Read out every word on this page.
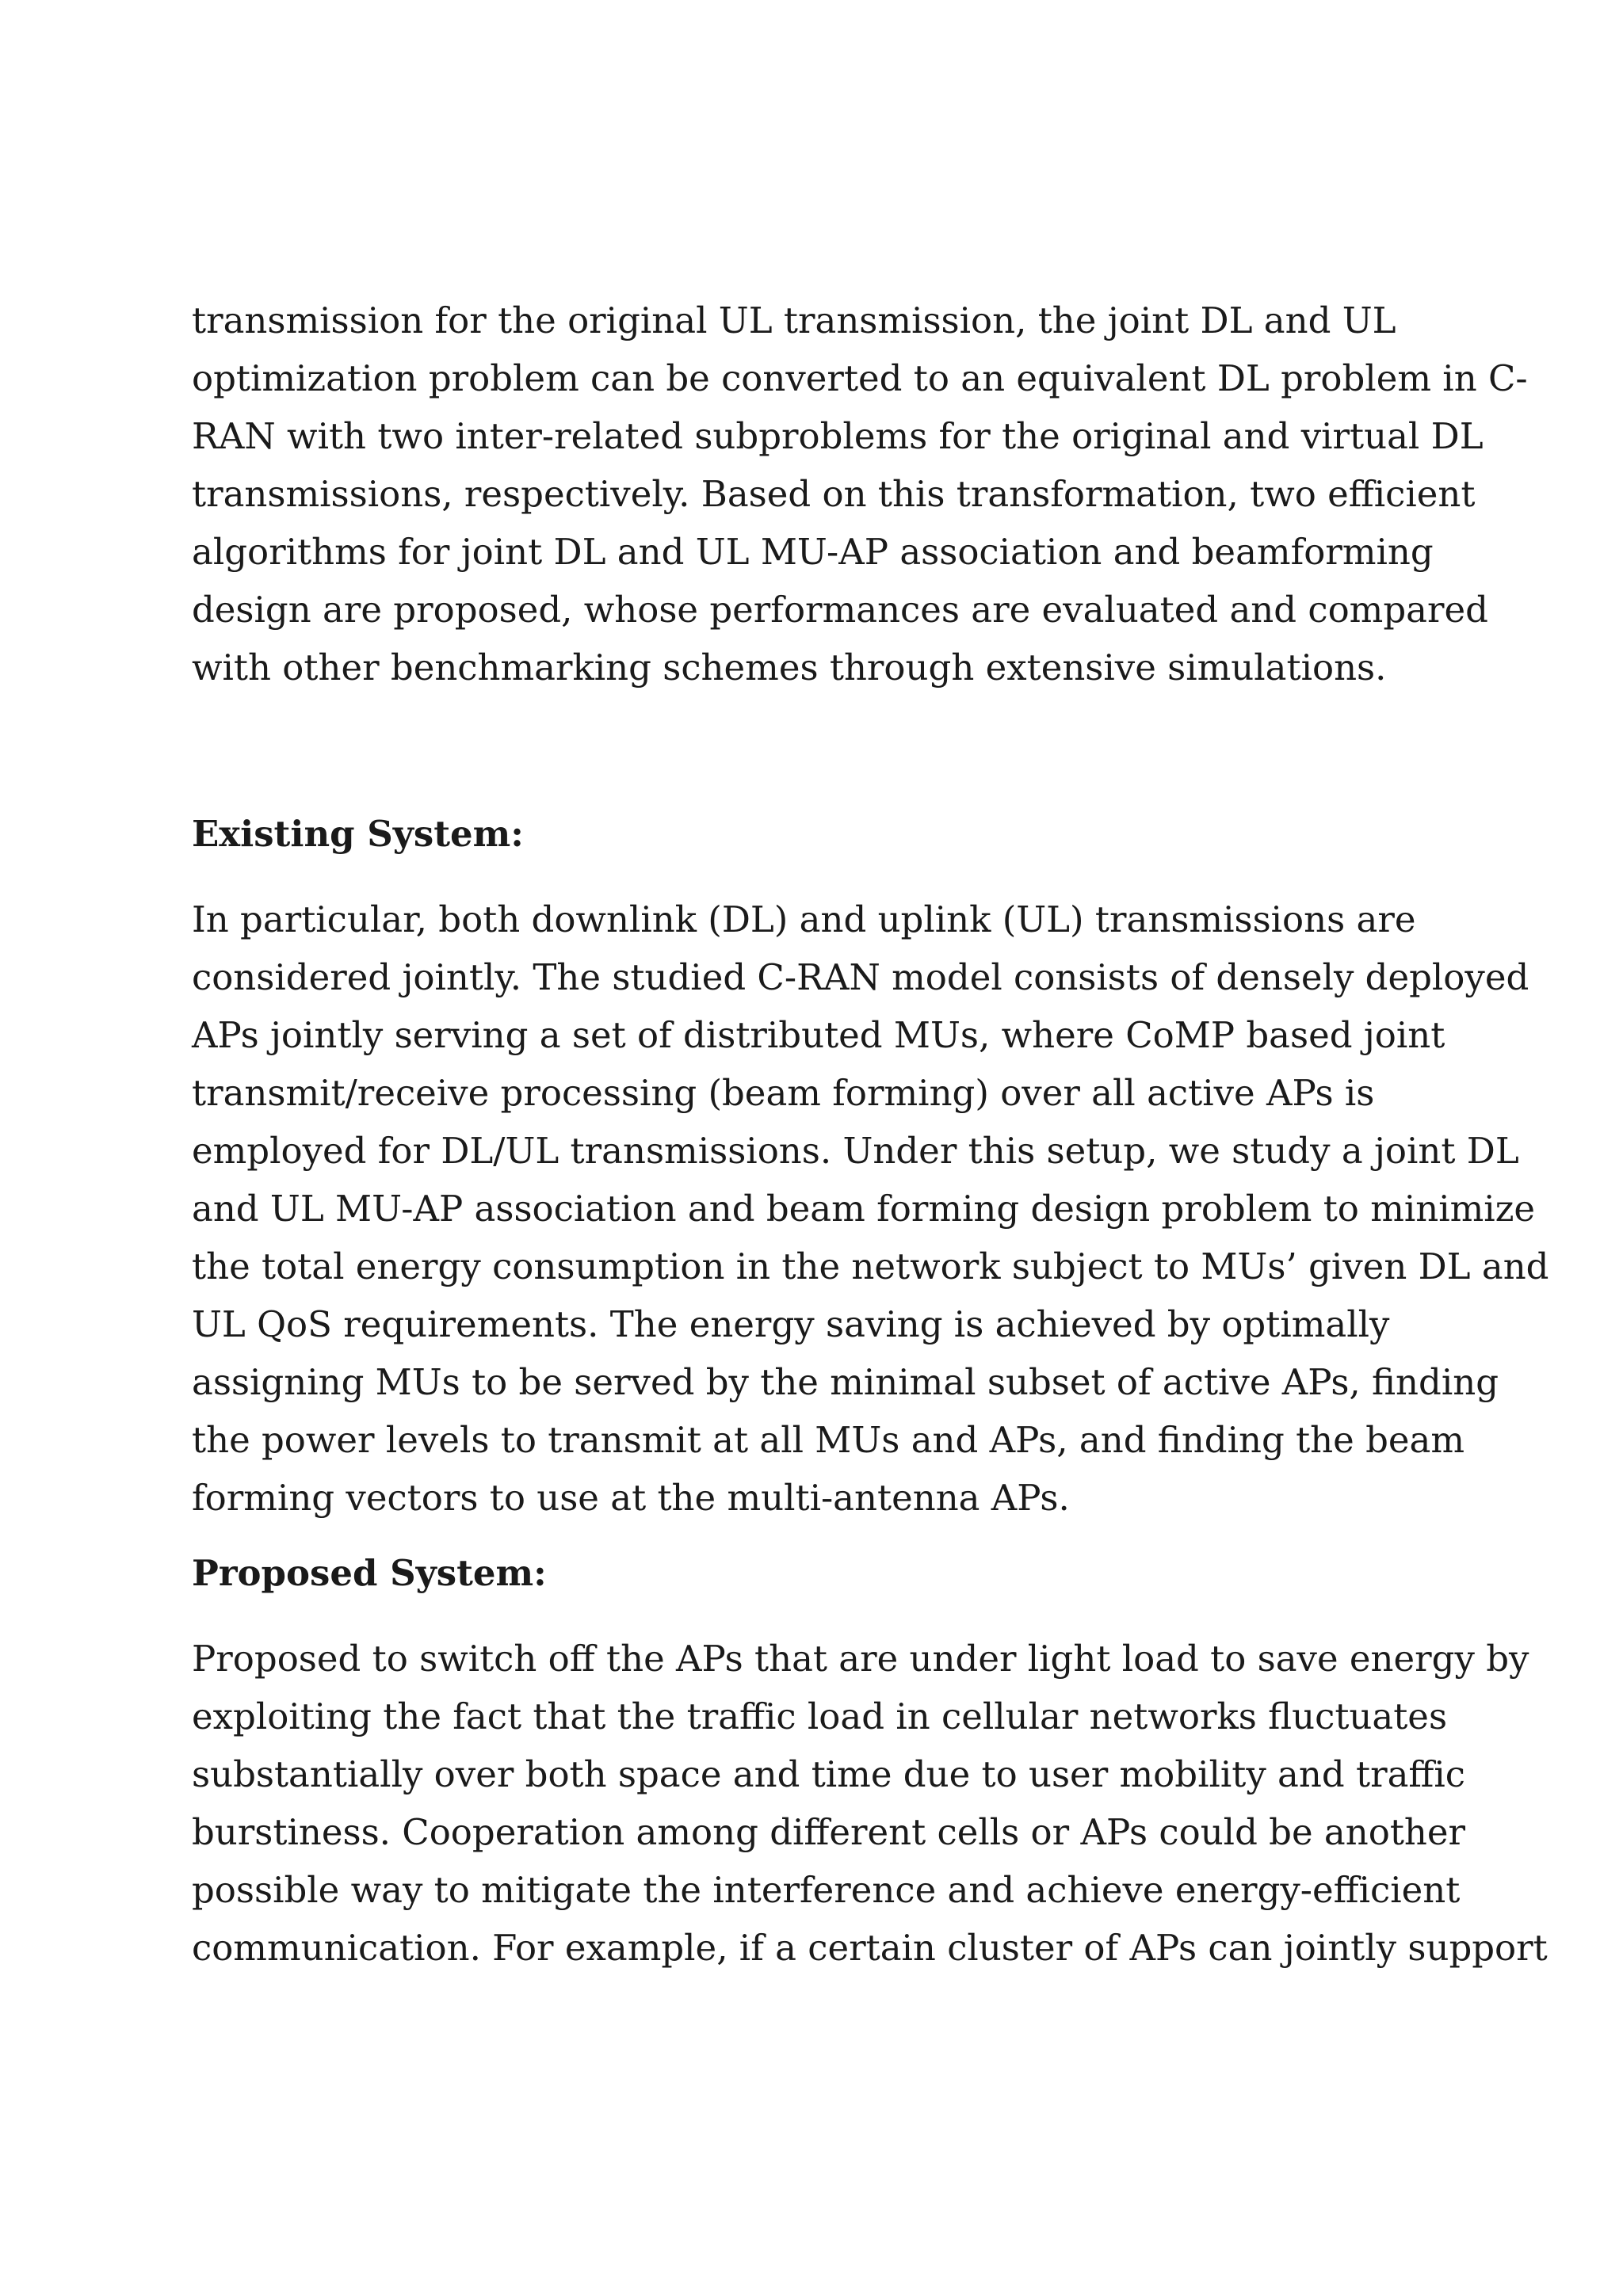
transmission for the original UL transmission, the joint DL and UL
optimization problem can be converted to an equivalent DL problem in C-
RAN with two inter-related subproblems for the original and virtual DL
transmissions, respectively. Based on this transformation, two efficient
algorithms for joint DL and UL MU-AP association and beamforming
design are proposed, whose performances are evaluated and compared
with other benchmarking schemes through extensive simulations.
Existing System:
In particular, both downlink (DL) and uplink (UL) transmissions are
considered jointly. The studied C-RAN model consists of densely deployed
APs jointly serving a set of distributed MUs, where CoMP based joint
transmit/receive processing (beam forming) over all active APs is
employed for DL/UL transmissions. Under this setup, we study a joint DL
and UL MU-AP association and beam forming design problem to minimize
the total energy consumption in the network subject to MUs’ given DL and
UL QoS requirements. The energy saving is achieved by optimally
assigning MUs to be served by the minimal subset of active APs, finding
the power levels to transmit at all MUs and APs, and finding the beam
forming vectors to use at the multi-antenna APs.
Proposed System:
Proposed to switch off the APs that are under light load to save energy by
exploiting the fact that the traffic load in cellular networks fluctuates
substantially over both space and time due to user mobility and traffic
burstiness. Cooperation among different cells or APs could be another
possible way to mitigate the interference and achieve energy-efficient
communication. For example, if a certain cluster of APs can jointly support
